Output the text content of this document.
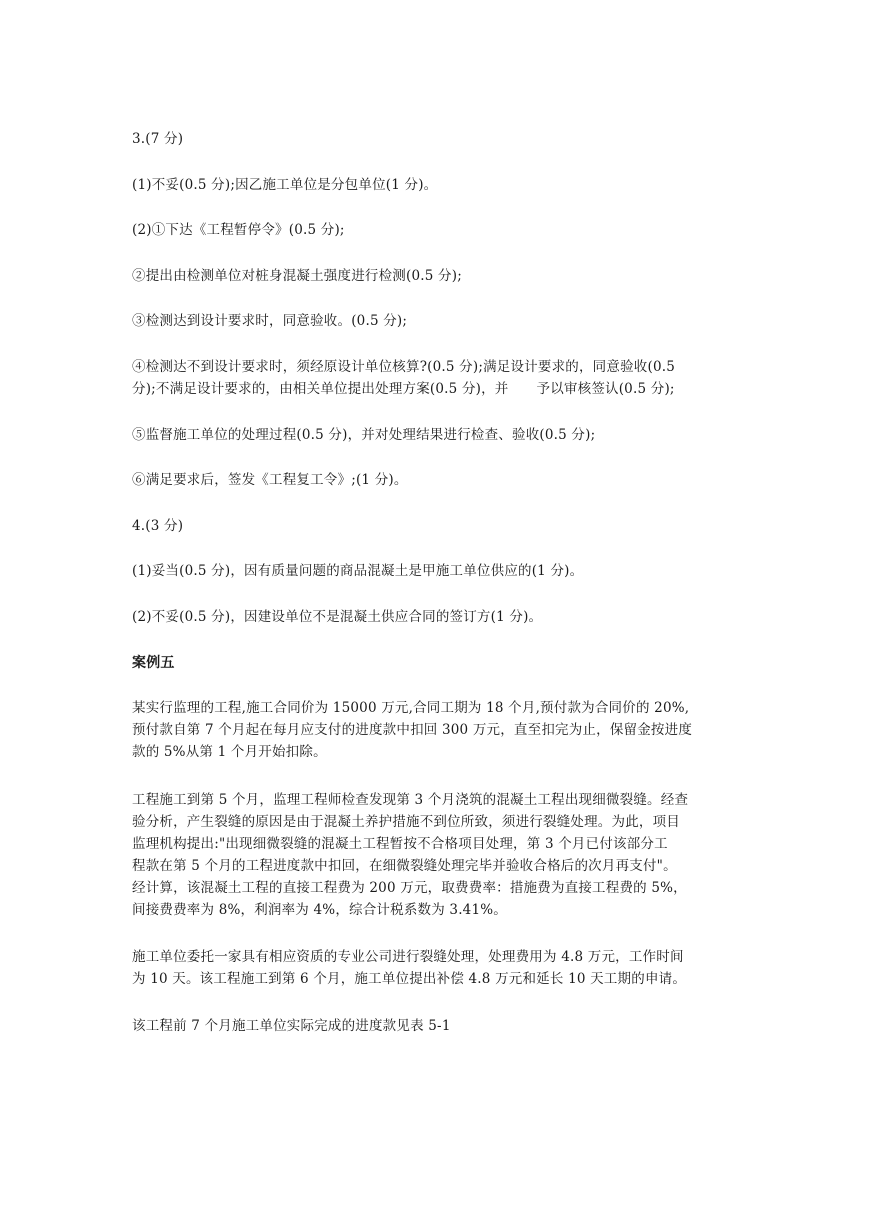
3.(7 分)
(1)不妥(0.5 分);因乙施工单位是分包单位(1 分)。
(2)①下达《工程暂停令》(0.5 分);
②提出由检测单位对桩身混凝土强度进行检测(0.5 分);
③检测达到设计要求时，同意验收。(0.5 分);
④检测达不到设计要求时，须经原设计单位核算?(0.5 分);满足设计要求的，同意验收(0.5
分);不满足设计要求的，由相关单位提出处理方案(0.5 分)，并 予以审核签认(0.5 分);
⑤监督施工单位的处理过程(0.5 分)，并对处理结果进行检查、验收(0.5 分);
⑥满足要求后，签发《工程复工令》;(1 分)。
4.(3 分)
(1)妥当(0.5 分)，因有质量问题的商品混凝土是甲施工单位供应的(1 分)。
(2)不妥(0.5 分)，因建设单位不是混凝土供应合同的签订方(1 分)。
案例五
某实行监理的工程,施工合同价为 15000 万元,合同工期为 18 个月,预付款为合同价的 20%,
预付款自第 7 个月起在每月应支付的进度款中扣回 300 万元，直至扣完为止，保留金按进度
款的 5%从第 1 个月开始扣除。
工程施工到第 5 个月，监理工程师检查发现第 3 个月浇筑的混凝土工程出现细微裂缝。经查
验分析，产生裂缝的原因是由于混凝土养护措施不到位所致，须进行裂缝处理。为此，项目
监理机构提出:"出现细微裂缝的混凝土工程暂按不合格项目处理，第 3 个月已付该部分工
程款在第 5 个月的工程进度款中扣回，在细微裂缝处理完毕并验收合格后的次月再支付"。
经计算，该混凝土工程的直接工程费为 200 万元，取费费率：措施费为直接工程费的 5%，
间接费费率为 8%，利润率为 4%，综合计税系数为 3.41%。
施工单位委托一家具有相应资质的专业公司进行裂缝处理，处理费用为 4.8 万元，工作时间
为 10 天。该工程施工到第 6 个月，施工单位提出补偿 4.8 万元和延长 10 天工期的申请。
该工程前 7 个月施工单位实际完成的进度款见表 5-1
